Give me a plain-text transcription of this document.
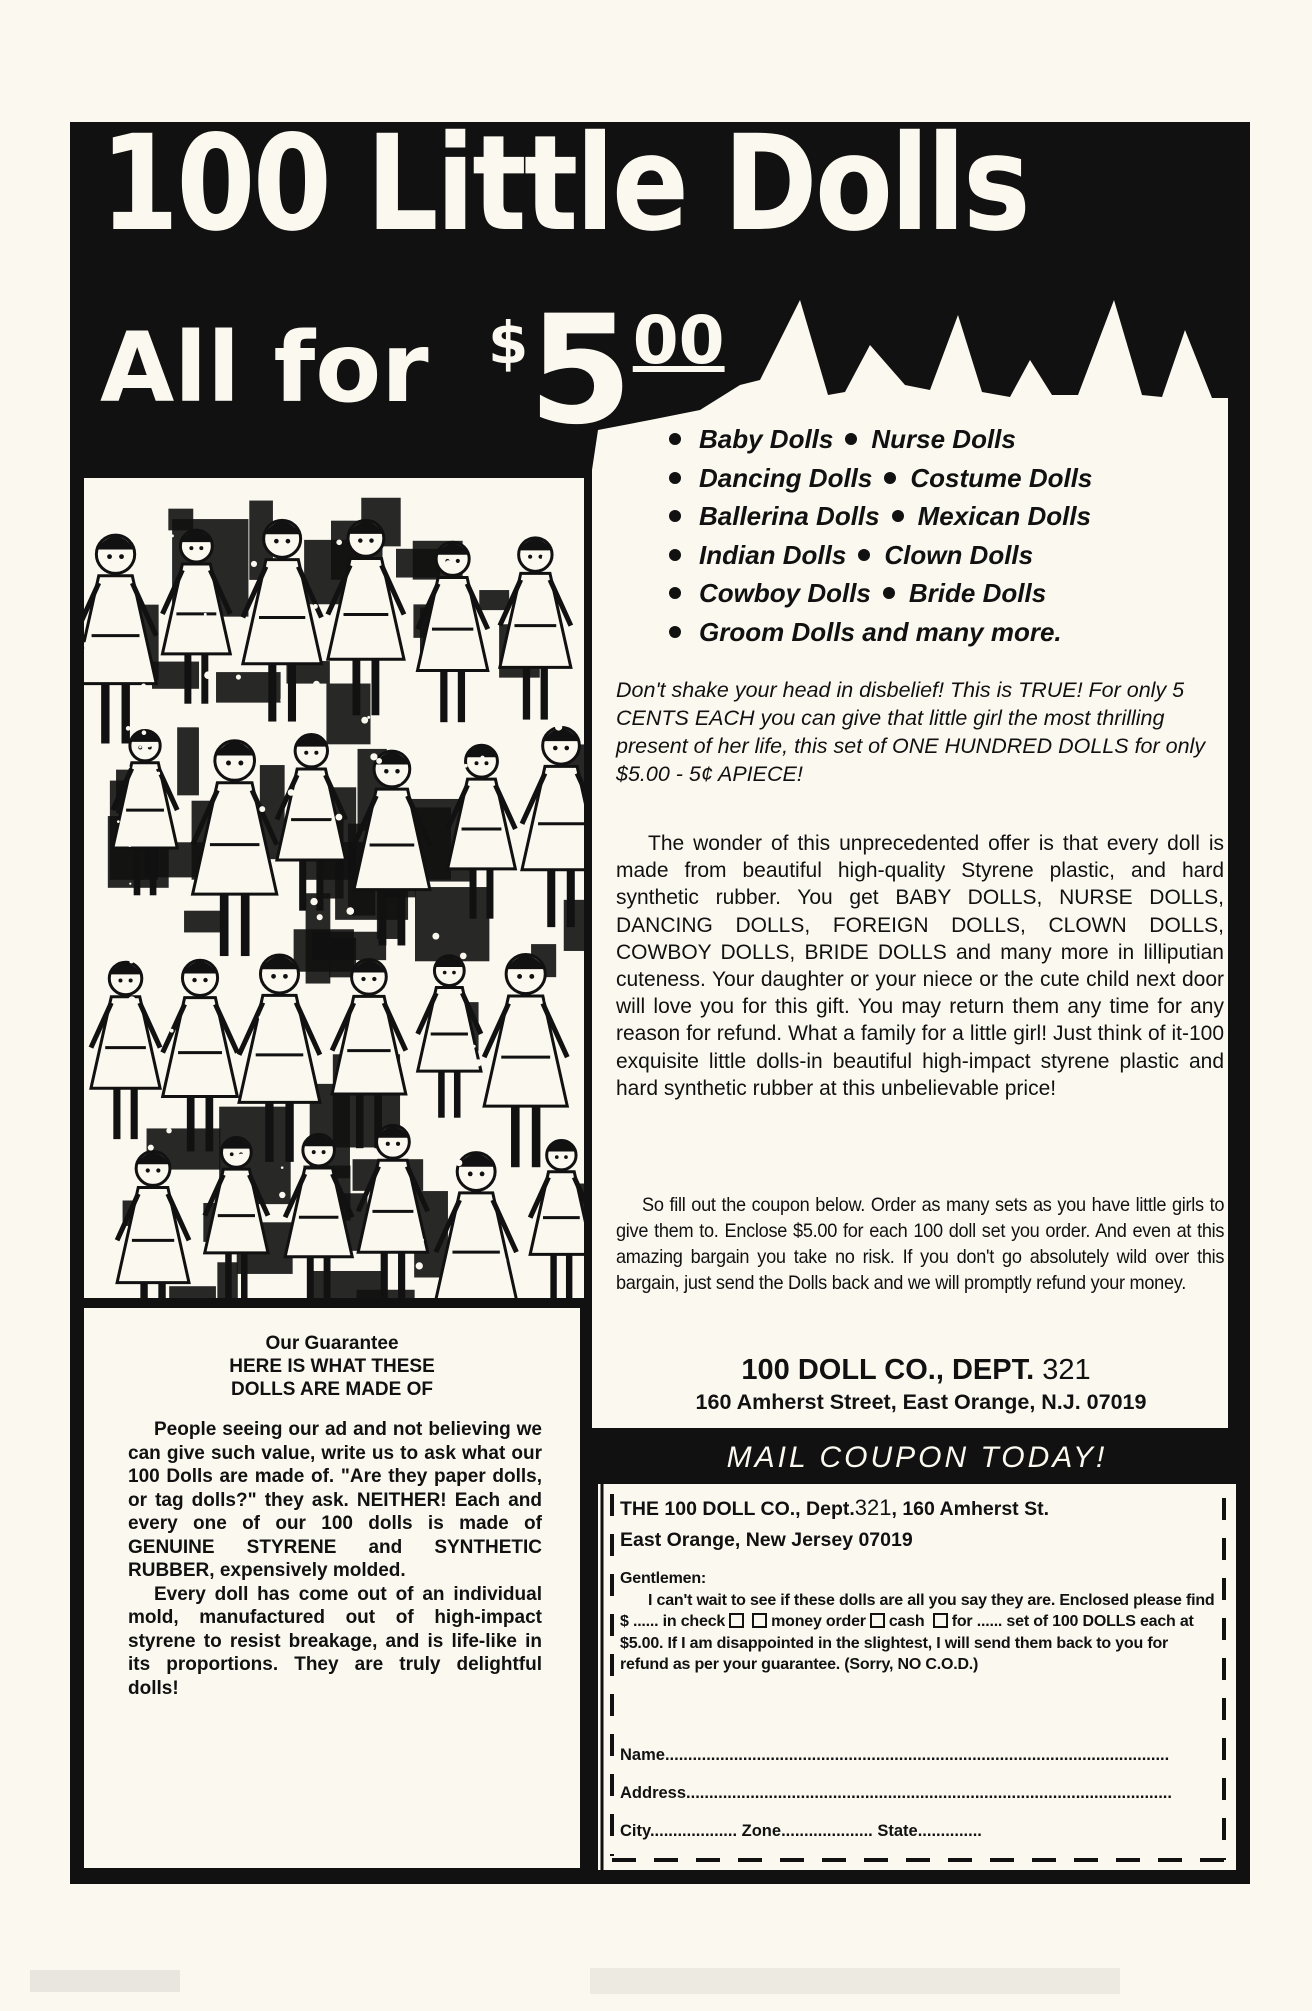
100 Little Dolls
All for $500
Baby Dolls Nurse Dolls
Dancing Dolls Costume Dolls
Ballerina Dolls Mexican Dolls
Indian Dolls Clown Dolls
Cowboy Dolls Bride Dolls
Groom Dolls and many more.
Don't shake your head in disbelief! This is TRUE! For only 5 CENTS EACH you can give that little girl the most thrilling present of her life, this set of ONE HUNDRED DOLLS for only $5.00 - 5¢ APIECE!
The wonder of this unprecedented offer is that every doll is made from beautiful high-quality Styrene plastic, and hard synthetic rubber. You get BABY DOLLS, NURSE DOLLS, DANCING DOLLS, FOREIGN DOLLS, CLOWN DOLLS, COWBOY DOLLS, BRIDE DOLLS and many more in lilliputian cuteness. Your daughter or your niece or the cute child next door will love you for this gift. You may return them any time for any reason for refund. What a family for a little girl! Just think of it-100 exquisite little dolls-in beautiful high-impact styrene plastic and hard synthetic rubber at this unbelievable price!
So fill out the coupon below. Order as many sets as you have little girls to give them to. Enclose $5.00 for each 100 doll set you order. And even at this amazing bargain you take no risk. If you don't go absolutely wild over this bargain, just send the Dolls back and we will promptly refund your money.
100 DOLL CO., DEPT. 321
160 Amherst Street, East Orange, N.J. 07019
MAIL COUPON TODAY!
THE 100 DOLL CO., Dept.321, 160 Amherst St.
East Orange, New Jersey 07019
Gentlemen:
I can't wait to see if these dolls are all you say they are. Enclosed please find $ ...... in check	money order cash for ...... set of 100 DOLLS each at $5.00. If I am disappointed in the slightest, I will send them back to you for refund as per your guarantee. (Sorry, NO C.O.D.)
Name..............................................................................................................
Address..........................................................................................................
City................... Zone.................... State..............
Our Guarantee
HERE IS WHAT THESE
DOLLS ARE MADE OF

People seeing our ad and not believing we can give such value, write us to ask what our 100 Dolls are made of. "Are they paper dolls, or tag dolls?" they ask. NEITHER! Each and every one of our 100 dolls is made of GENUINE STYRENE and SYNTHETIC RUBBER, expensively molded.

Every doll has come out of an individual mold, manufactured out of high-impact styrene to resist breakage, and is life-like in its proportions. They are truly delightful dolls!
